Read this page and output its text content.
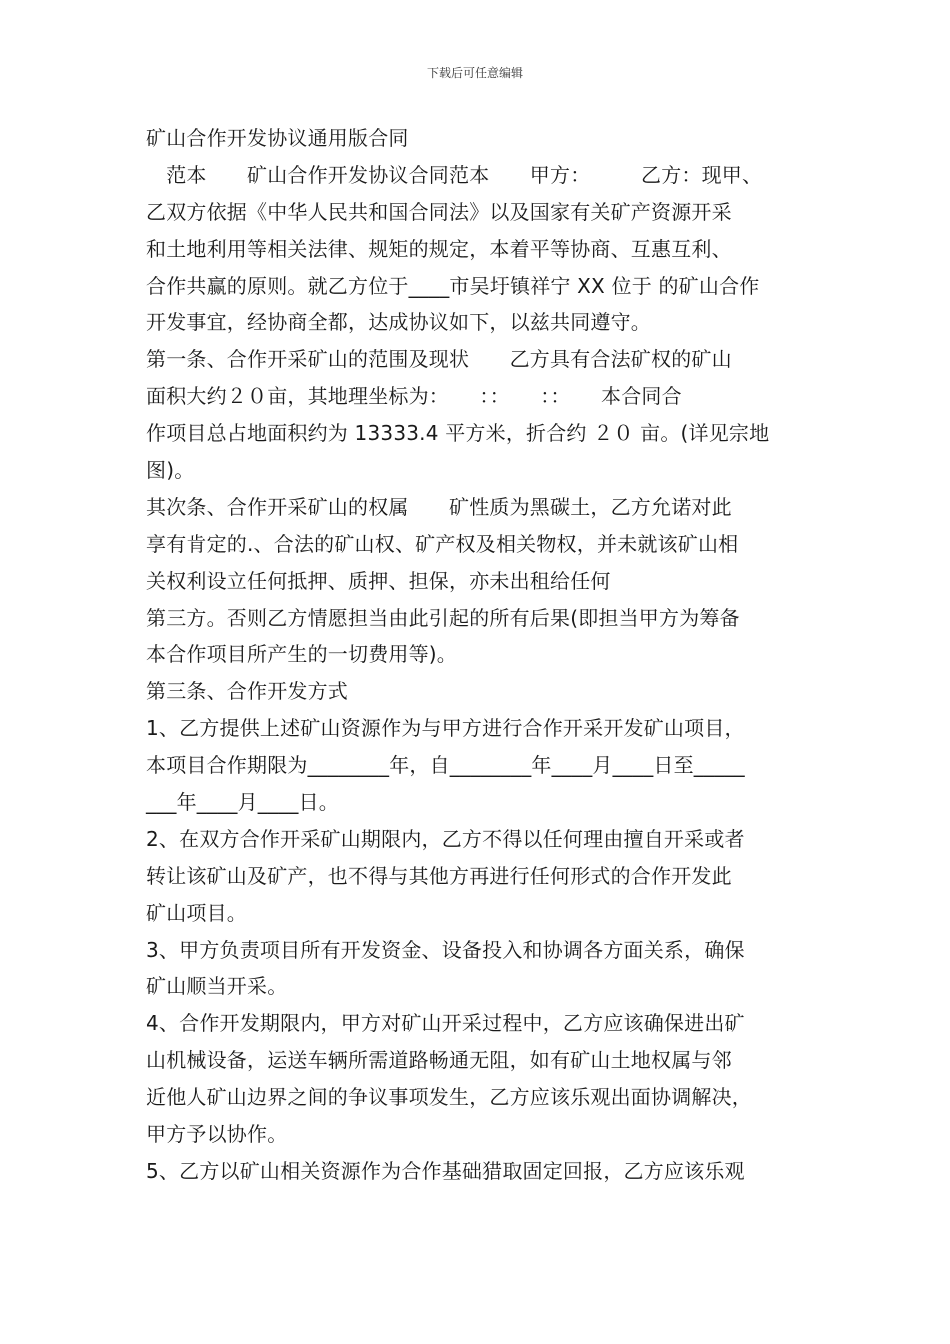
下载后可任意编辑
矿山合作开发协议通用版合同
　范本　　矿山合作开发协议合同范本　　甲方：　　　乙方：现甲、
乙双方依据《中华人民共和国合同法》以及国家有关矿产资源开采
和土地利用等相关法律、规矩的规定，本着平等协商、互惠互利、
合作共赢的原则。就乙方位于____市吴圩镇祥宁 XX 位于 的矿山合作
开发事宜，经协商全都，达成协议如下，以兹共同遵守。
第一条、合作开采矿山的范围及现状　　乙方具有合法矿权的矿山
面积大约２０亩，其地理坐标为：　　：：　　：：　　本合同合
作项目总占地面积约为 13333.4 平方米，折合约 ２０ 亩。(详见宗地
图)。
其次条、合作开采矿山的权属　　矿性质为黑碳土，乙方允诺对此
享有肯定的.、合法的矿山权、矿产权及相关物权，并未就该矿山相
关权利设立任何抵押、质押、担保，亦未出租给任何
第三方。否则乙方情愿担当由此引起的所有后果(即担当甲方为筹备
本合作项目所产生的一切费用等)。
第三条、合作开发方式
1、乙方提供上述矿山资源作为与甲方进行合作开采开发矿山项目，
本项目合作期限为________年，自________年____月____日至_____
___年____月____日。
2、在双方合作开采矿山期限内，乙方不得以任何理由擅自开采或者
转让该矿山及矿产，也不得与其他方再进行任何形式的合作开发此
矿山项目。
3、甲方负责项目所有开发资金、设备投入和协调各方面关系，确保
矿山顺当开采。
4、合作开发期限内，甲方对矿山开采过程中，乙方应该确保进出矿
山机械设备，运送车辆所需道路畅通无阻，如有矿山土地权属与邻
近他人矿山边界之间的争议事项发生，乙方应该乐观出面协调解决，
甲方予以协作。
5、乙方以矿山相关资源作为合作基础猎取固定回报，乙方应该乐观
